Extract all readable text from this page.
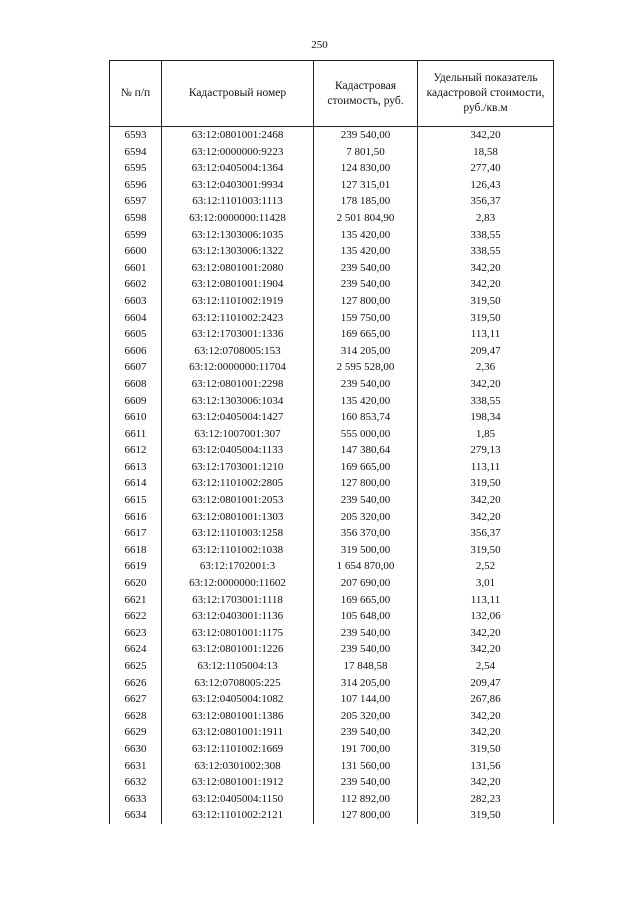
250
№ п/п	Кадастровый номер	Кадастровая стоимость, руб.	Удельный показатель кадастровой стоимости, руб./кв.м
6593	63:12:0801001:2468	239 540,00	342,20
6594	63:12:0000000:9223	7 801,50	18,58
6595	63:12:0405004:1364	124 830,00	277,40
6596	63:12:0403001:9934	127 315,01	126,43
6597	63:12:1101003:1113	178 185,00	356,37
6598	63:12:0000000:11428	2 501 804,90	2,83
6599	63:12:1303006:1035	135 420,00	338,55
6600	63:12:1303006:1322	135 420,00	338,55
6601	63:12:0801001:2080	239 540,00	342,20
6602	63:12:0801001:1904	239 540,00	342,20
6603	63:12:1101002:1919	127 800,00	319,50
6604	63:12:1101002:2423	159 750,00	319,50
6605	63:12:1703001:1336	169 665,00	113,11
6606	63:12:0708005:153	314 205,00	209,47
6607	63:12:0000000:11704	2 595 528,00	2,36
6608	63:12:0801001:2298	239 540,00	342,20
6609	63:12:1303006:1034	135 420,00	338,55
6610	63:12:0405004:1427	160 853,74	198,34
6611	63:12:1007001:307	555 000,00	1,85
6612	63:12:0405004:1133	147 380,64	279,13
6613	63:12:1703001:1210	169 665,00	113,11
6614	63:12:1101002:2805	127 800,00	319,50
6615	63:12:0801001:2053	239 540,00	342,20
6616	63:12:0801001:1303	205 320,00	342,20
6617	63:12:1101003:1258	356 370,00	356,37
6618	63:12:1101002:1038	319 500,00	319,50
6619	63:12:1702001:3	1 654 870,00	2,52
6620	63:12:0000000:11602	207 690,00	3,01
6621	63:12:1703001:1118	169 665,00	113,11
6622	63:12:0403001:1136	105 648,00	132,06
6623	63:12:0801001:1175	239 540,00	342,20
6624	63:12:0801001:1226	239 540,00	342,20
6625	63:12:1105004:13	17 848,58	2,54
6626	63:12:0708005:225	314 205,00	209,47
6627	63:12:0405004:1082	107 144,00	267,86
6628	63:12:0801001:1386	205 320,00	342,20
6629	63:12:0801001:1911	239 540,00	342,20
6630	63:12:1101002:1669	191 700,00	319,50
6631	63:12:0301002:308	131 560,00	131,56
6632	63:12:0801001:1912	239 540,00	342,20
6633	63:12:0405004:1150	112 892,00	282,23
6634	63:12:1101002:2121	127 800,00	319,50
